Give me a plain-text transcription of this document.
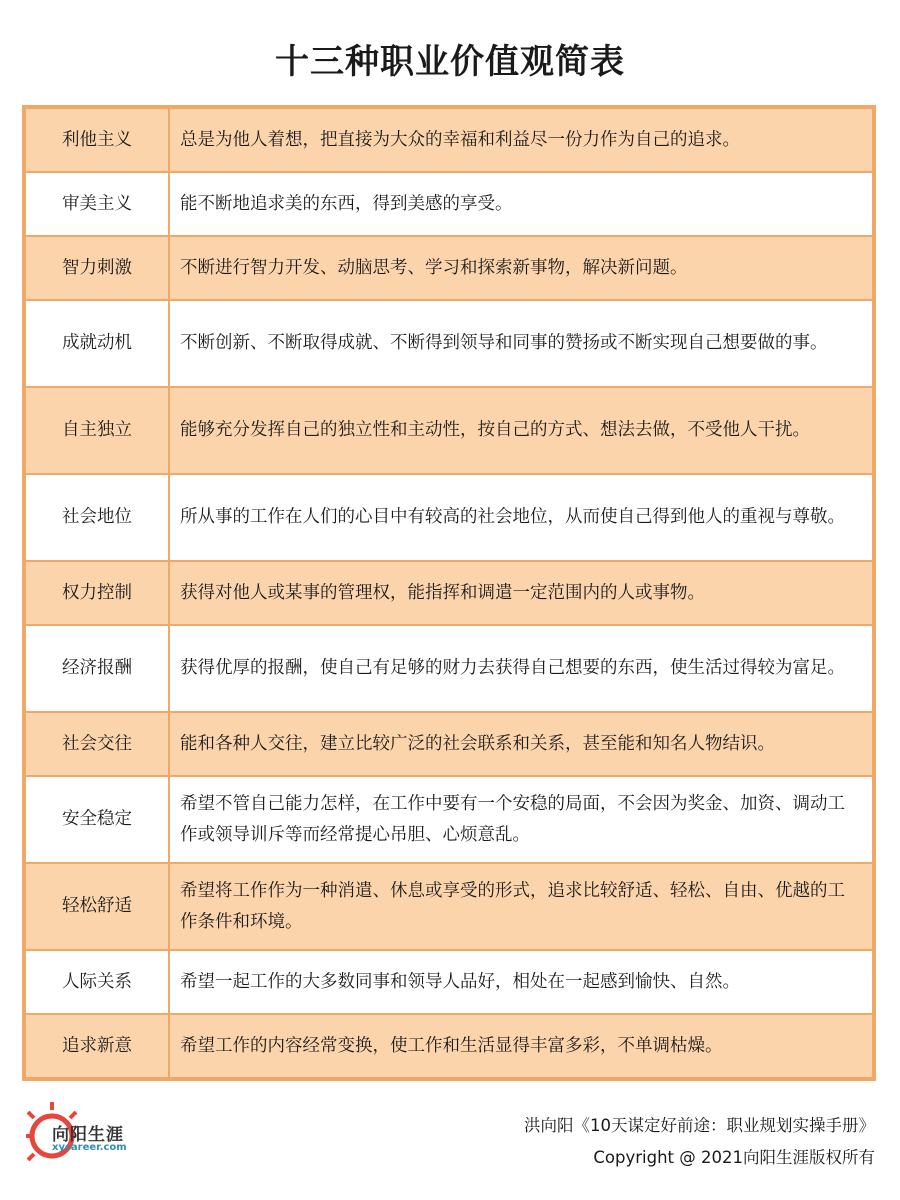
十三种职业价值观简表
利他主义	总是为他人着想，把直接为大众的幸福和利益尽一份力作为自己的追求。
审美主义	能不断地追求美的东西，得到美感的享受。
智力刺激	不断进行智力开发、动脑思考、学习和探索新事物，解决新问题。
成就动机	不断创新、不断取得成就、不断得到领导和同事的赞扬或不断实现自己想要做的事。
自主独立	能够充分发挥自己的独立性和主动性，按自己的方式、想法去做，不受他人干扰。
社会地位	所从事的工作在人们的心目中有较高的社会地位，从而使自己得到他人的重视与尊敬。
权力控制	获得对他人或某事的管理权，能指挥和调遣一定范围内的人或事物。
经济报酬	获得优厚的报酬，使自己有足够的财力去获得自己想要的东西，使生活过得较为富足。
社会交往	能和各种人交往，建立比较广泛的社会联系和关系，甚至能和知名人物结识。
安全稳定	希望不管自己能力怎样，在工作中要有一个安稳的局面，不会因为奖金、加资、调动工作或领导训斥等而经常提心吊胆、心烦意乱。
轻松舒适	希望将工作作为一种消遣、休息或享受的形式，追求比较舒适、轻松、自由、优越的工作条件和环境。
人际关系	希望一起工作的大多数同事和领导人品好，相处在一起感到愉快、自然。
追求新意	希望工作的内容经常变换，使工作和生活显得丰富多彩，不单调枯燥。
向阳生涯
xycareer.com
洪向阳《10天谋定好前途：职业规划实操手册》
Copyright @ 2021向阳生涯版权所有
